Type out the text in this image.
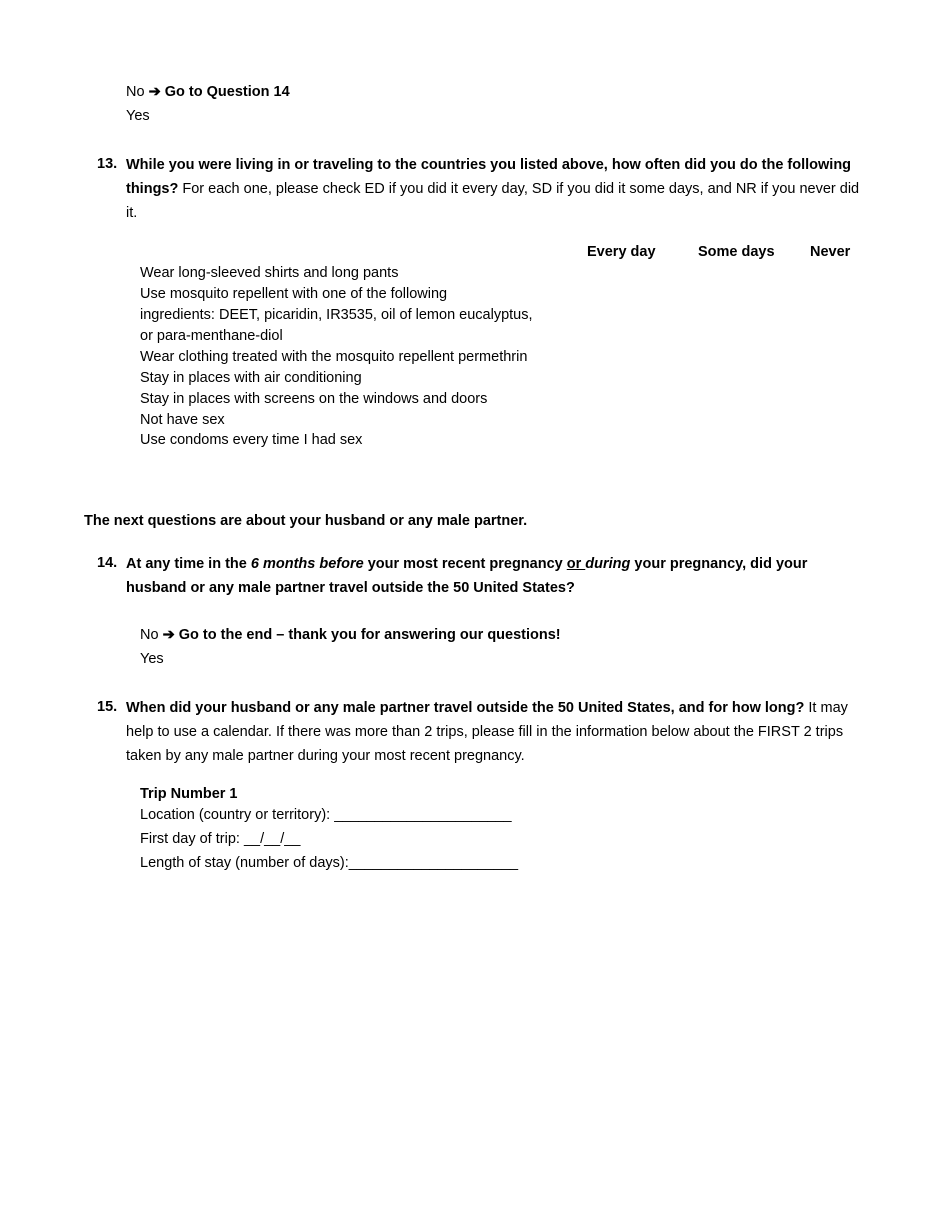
No ➔ Go to Question 14
Yes
13. While you were living in or traveling to the countries you listed above, how often did you do the following things? For each one, please check ED if you did it every day, SD if you did it some days, and NR if you never did it.
Every day	Some days Never
Wear long-sleeved shirts and long pants
Use mosquito repellent with one of the following
ingredients: DEET, picaridin, IR3535, oil of lemon eucalyptus,
or para-menthane-diol
Wear clothing treated with the mosquito repellent permethrin
Stay in places with air conditioning
Stay in places with screens on the windows and doors
Not have sex
Use condoms every time I had sex
The next questions are about your husband or any male partner.
14. At any time in the 6 months before your most recent pregnancy or during your pregnancy, did your husband or any male partner travel outside the 50 United States?
No ➔ Go to the end – thank you for answering our questions!
Yes
15. When did your husband or any male partner travel outside the 50 United States, and for how long? It may help to use a calendar. If there was more than 2 trips, please fill in the information below about the FIRST 2 trips taken by any male partner during your most recent pregnancy.
Trip Number 1
Location (country or territory): ______________________
First day of trip: __/__/__
Length of stay (number of days):_____________________
